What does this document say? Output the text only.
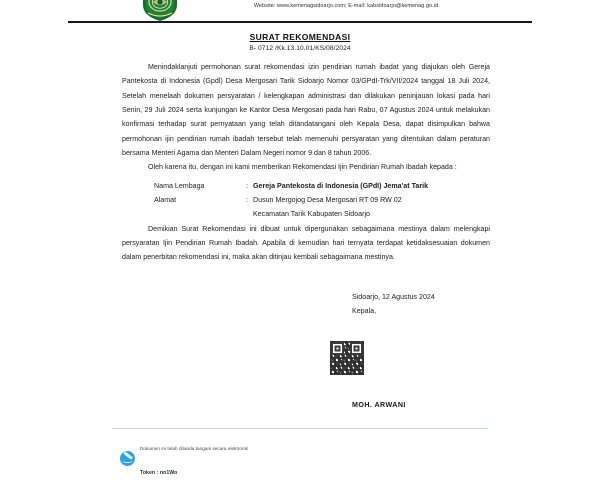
Website: www.kemenagsidoarjo.com; E-mail: kabsidoarjo@kemenag.go.id
SURAT REKOMENDASI
B- 0712 /Kk.13.10.01/KS/08/2024

Menindaklanjuti permohonan surat rekomendasi izin pendirian rumah ibadat yang diajukan oleh Gereja Pantekosta di Indonesia (Gpdl) Desa Mergosari Tarik Sidoarjo Nomor 03/GPdI-Trk/VII/2024 tanggal 18 Juli 2024, Setelah menelaah dokumen persyaratan / kelengkapan administrasi dan dilakukan peninjauan lokasi pada hari Senin, 29 Juli 2024 serta kunjungan ke Kantor Desa Mergosari pada hari Rabu, 07 Agustus 2024 untuk melakukan konfirmasi terhadap surat pernyataan yang telah ditandatangani oleh Kepala Desa, dapat disimpulkan bahwa permohonan ijin pendirian rumah ibadah tersebut telah memenuhi persyaratan yang ditentukan dalam peraturan bersama Menteri Agama dan Menteri Dalam Negeri nomor 9 dan 8 tahun 2006.

Oleh karena itu, dengan ini kami memberikan Rekomendasi Ijin Pendirian Rumah Ibadah kepada :

Nama Lembaga	: Gereja Pantekosta di Indonesia (GPdI) Jema'at Tarik
Alamat	: Dusun Mergojog Desa Mergosari RT 09 RW 02
Kecamatan Tarik Kabupaten Sidoarjo

Demikian Surat Rekomendasi ini dibuat untuk dipergunakan sebagaimana mestinya dalam melengkapi persyaratan Ijin Pendirian Rumah Ibadah. Apabila di kemudian hari ternyata terdapat ketidaksesuaian dokumen dalam penerbitan rekomendasi ini, maka akan ditinjau kembali sebagaimana mestinya.

Sidoarjo, 12 Agustus 2024
Kepala,
MOH. ARWANI
Dokumen ini telah ditanda tangani secara elektronik
Token : nn1Wo
